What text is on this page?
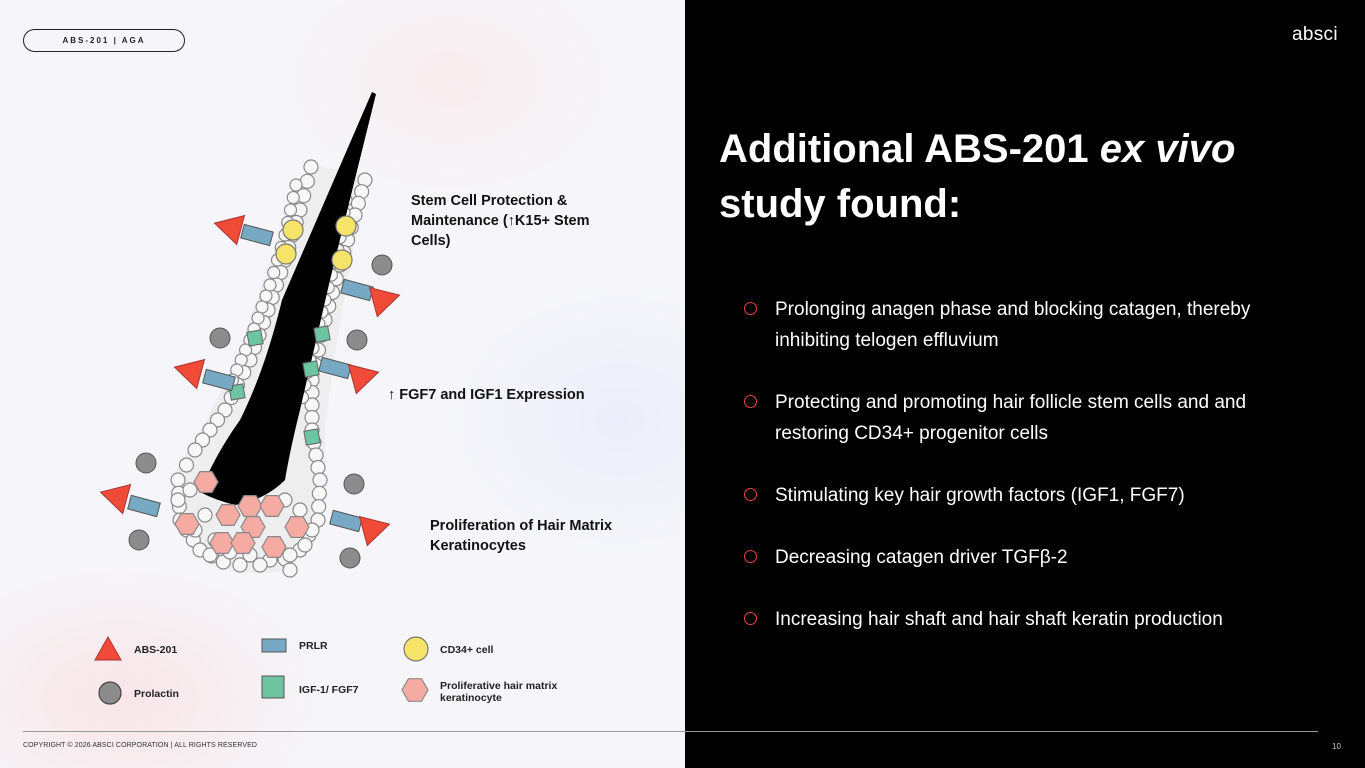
ABS-201 | AGA	absci
Additional ABS-201 ex vivo
study found:
Prolonging anagen phase and blocking catagen, thereby inhibiting telogen effluvium
Protecting and promoting hair follicle stem cells and and restoring CD34+ progenitor cells
Stimulating key hair growth factors (IGF1, FGF7)
Decreasing catagen driver TGFβ-2
Increasing hair shaft and hair shaft keratin production
Stem Cell Protection & Maintenance (↑K15+ Stem Cells)
↑ FGF7 and IGF1 Expression
Proliferation of Hair Matrix Keratinocytes
ABS-201
Prolactin
PRLR
IGF-1/ FGF7
CD34+ cell
Proliferative hair matrix keratinocyte
COPYRIGHT © 2026 ABSCI CORPORATION | ALL RIGHTS RESERVED	10
